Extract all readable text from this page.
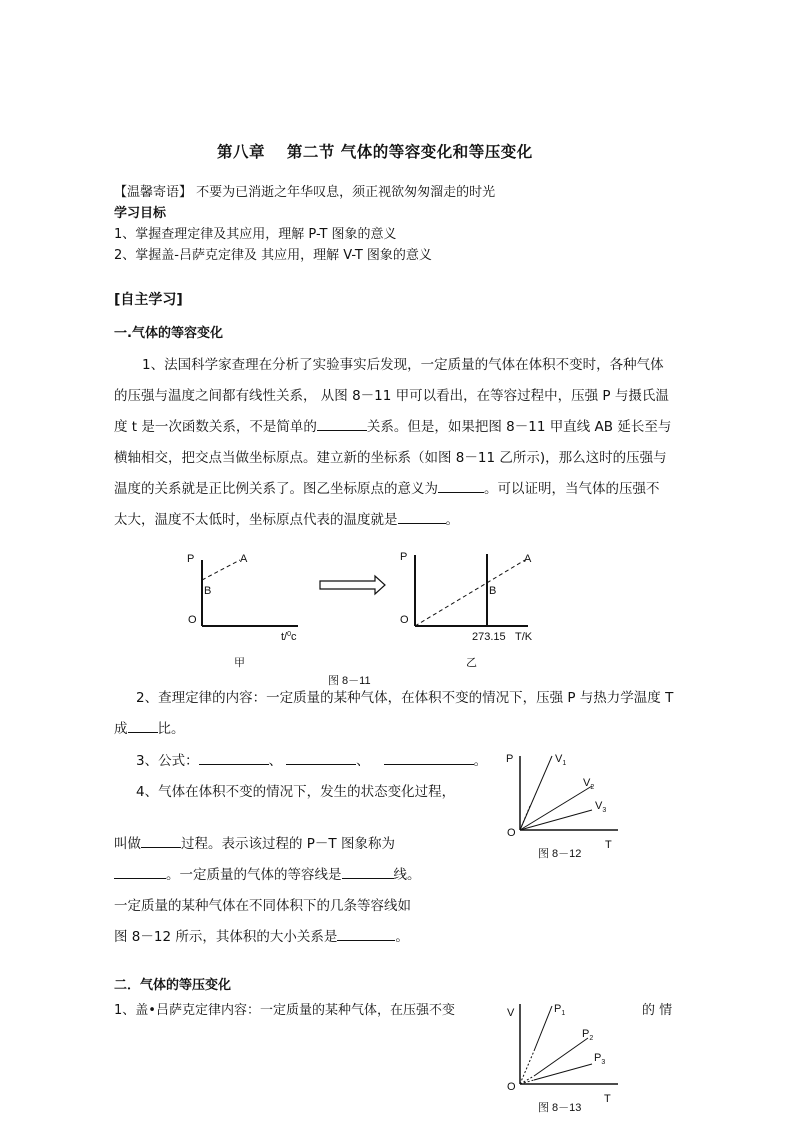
第八章　 第二节 气体的等容变化和等压变化
【温馨寄语】 不要为已消逝之年华叹息，须正视欲匆匆溜走的时光
学习目标
1、掌握查理定律及其应用，理解 P-T 图象的意义
2、掌握盖-吕萨克定律及 其应用，理解 V-T 图象的意义
[自主学习]
一.气体的等容变化
1、法国科学家查理在分析了实验事实后发现，一定质量的气体在体积不变时，各种气体
的压强与温度之间都有线性关系， 从图 8－11 甲可以看出，在等容过程中，压强 P 与摄氏温
度 t 是一次函数关系，不是简单的	关系。但是，如果把图 8－11 甲直线 AB 延长至与
横轴相交，把交点当做坐标原点。建立新的坐标系（如图 8－11 乙所示)，那么这时的压强与
温度的关系就是正比例关系了。图乙坐标原点的意义为	。可以证明，当气体的压强不
太大，温度不太低时，坐标原点代表的温度就是	。
P	A
B
O
t/$^0$c
甲
P	A
B
O
273.15 T/K
乙
图 8－11
2、查理定律的内容：一定质量的某种气体，在体积不变的情况下，压强 P 与热力学温度 T
成 比。
3、公式：	、	、	。
4、气体在体积不变的情况下，发生的状态变化过程，
叫做	过程。表示该过程的 P－T 图象称为
。一定质量的气体的等容线是	线。
一定质量的某种气体在不同体积下的几条等容线如
图 8－12 所示，其体积的大小关系是	。
P	$V_1$
$V_2$
$V_3$
O
T
图 8－12
二．气体的等压变化
1、盖•吕萨克定律内容：一定质量的某种气体，在压强不变	的 情
V	$P_1$
$P_2$
$P_3$
O
T
图 8－13
